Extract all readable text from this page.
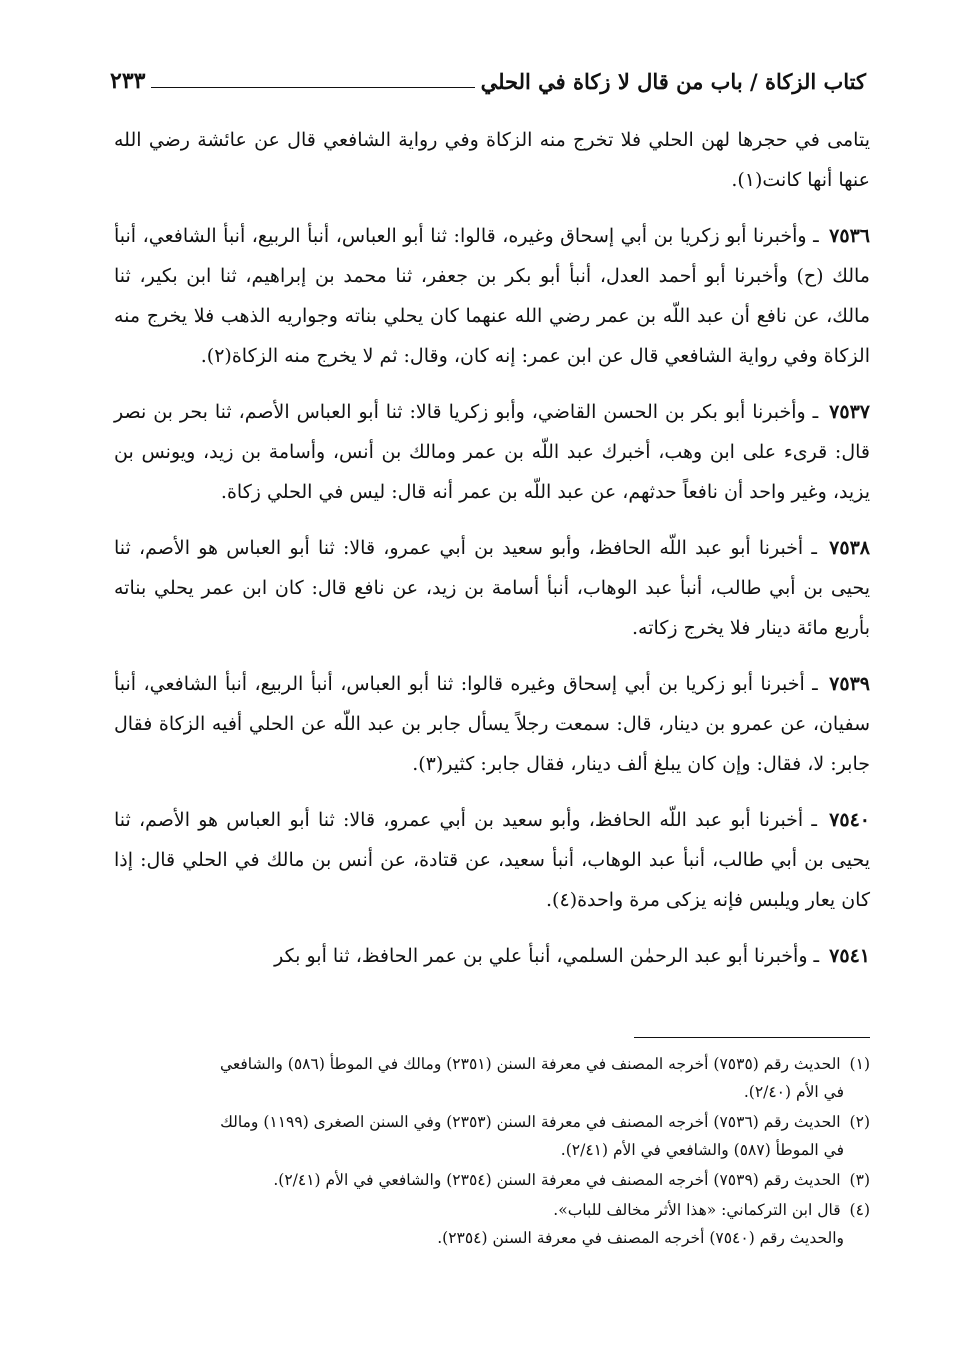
كتاب الزكاة / باب من قال لا زكاة في الحلي
٢٣٣

يتامى في حجرها لهن الحلي فلا تخرج منه الزكاة وفي رواية الشافعي قال عن عائشة رضي الله عنها أنها كانت(١).

٧٥٣٦ ـ وأخبرنا أبو زكريا بن أبي إسحاق وغيره، قالوا: ثنا أبو العباس، أنبأ الربيع، أنبأ الشافعي، أنبأ مالك (ح) وأخبرنا أبو أحمد العدل، أنبأ أبو بكر بن جعفر، ثنا محمد بن إبراهيم، ثنا ابن بكير، ثنا مالك، عن نافع أن عبد اللّه بن عمر رضي الله عنهما كان يحلي بناته وجواريه الذهب فلا يخرج منه الزكاة وفي رواية الشافعي قال عن ابن عمر: إنه كان، وقال: ثم لا يخرج منه الزكاة(٢).

٧٥٣٧ ـ وأخبرنا أبو بكر بن الحسن القاضي، وأبو زكريا قالا: ثنا أبو العباس الأصم، ثنا بحر بن نصر قال: قرىء على ابن وهب، أخبرك عبد اللّه بن عمر ومالك بن أنس، وأسامة بن زيد، ويونس بن يزيد، وغير واحد أن نافعاً حدثهم، عن عبد اللّه بن عمر أنه قال: ليس في الحلي زكاة.

٧٥٣٨ ـ أخبرنا أبو عبد اللّه الحافظ، وأبو سعيد بن أبي عمرو، قالا: ثنا أبو العباس هو الأصم، ثنا يحيى بن أبي طالب، أنبأ عبد الوهاب، أنبأ أسامة بن زيد، عن نافع قال: كان ابن عمر يحلي بناته بأربع مائة دينار فلا يخرج زكاته.

٧٥٣٩ ـ أخبرنا أبو زكريا بن أبي إسحاق وغيره قالوا: ثنا أبو العباس، أنبأ الربيع، أنبأ الشافعي، أنبأ سفيان، عن عمرو بن دينار، قال: سمعت رجلاً يسأل جابر بن عبد اللّه عن الحلي أفيه الزكاة فقال جابر: لا، فقال: وإن كان يبلغ ألف دينار، فقال جابر: كثير(٣).

٧٥٤٠ ـ أخبرنا أبو عبد اللّه الحافظ، وأبو سعيد بن أبي عمرو، قالا: ثنا أبو العباس هو الأصم، ثنا يحيى بن أبي طالب، أنبأ عبد الوهاب، أنبأ سعيد، عن قتادة، عن أنس بن مالك في الحلي قال: إذا كان يعار ويلبس فإنه يزكى مرة واحدة(٤).

٧٥٤١ ـ وأخبرنا أبو عبد الرحمٰن السلمي، أنبأ علي بن عمر الحافظ، ثنا أبو بكر

(١) الحديث رقم (٧٥٣٥) أخرجه المصنف في معرفة السنن (٢٣٥١) ومالك في الموطأ (٥٨٦) والشافعي
في الأم (٢/٤٠).
(٢) الحديث رقم (٧٥٣٦) أخرجه المصنف في معرفة السنن (٢٣٥٣) وفي السنن الصغرى (١١٩٩) ومالك
في الموطأ (٥٨٧) والشافعي في الأم (٢/٤١).
(٣) الحديث رقم (٧٥٣٩) أخرجه المصنف في معرفة السنن (٢٣٥٤) والشافعي في الأم (٢/٤١).
(٤) قال ابن التركماني: «هذا الأثر مخالف للباب».
والحديث رقم (٧٥٤٠) أخرجه المصنف في معرفة السنن (٢٣٥٤).
